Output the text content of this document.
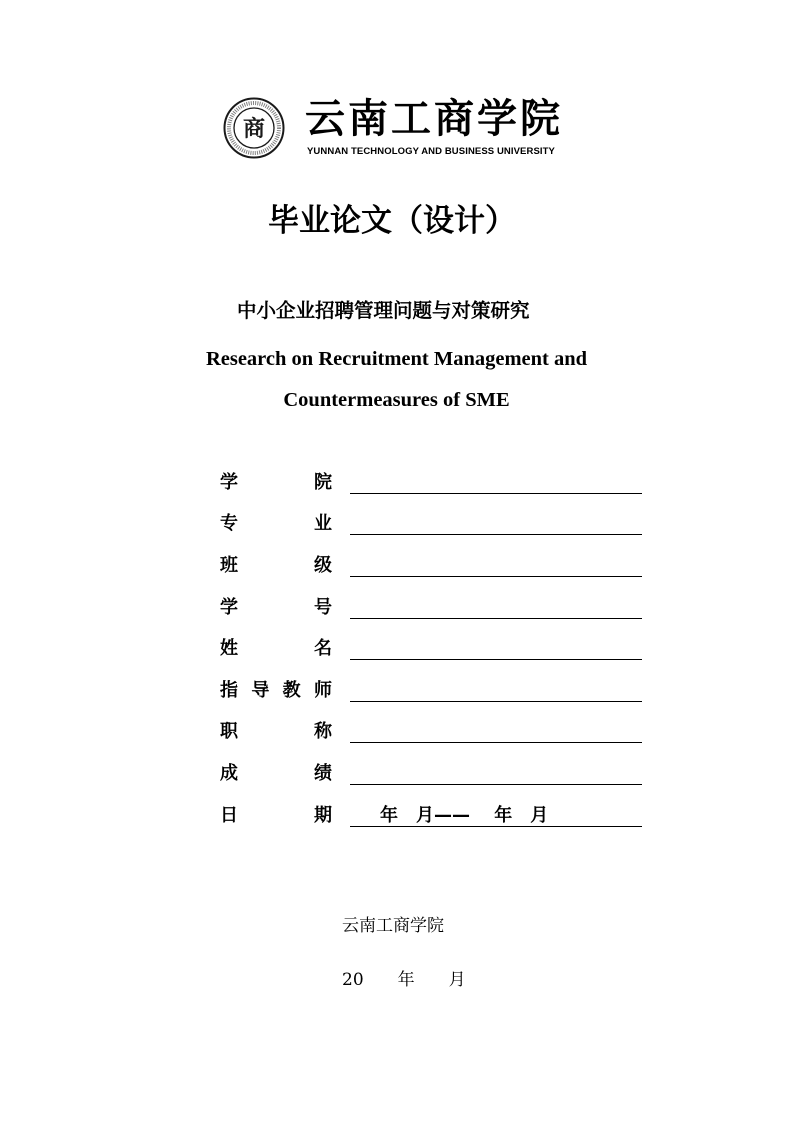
商 云南工商学院
YUNNAN TECHNOLOGY AND BUSINESS UNIVERSITY
毕业论文（设计）
中小企业招聘管理问题与对策研究
Research on Recruitment Management and
Countermeasures of SME
学	院
专	业
班	级
学	号
姓	名
指 导 教 师
职	称
成	绩
日	期	年　月——　 年　月
云南工商学院
20　　年　　月
